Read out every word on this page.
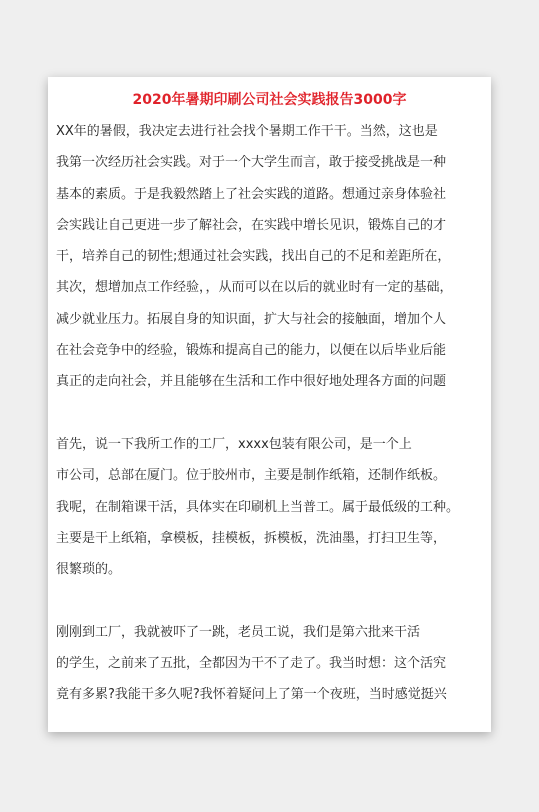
2020年暑期印刷公司社会实践报告3000字
XX年的暑假，我决定去进行社会找个暑期工作干干。当然，这也是
我第一次经历社会实践。对于一个大学生而言，敢于接受挑战是一种
基本的素质。于是我毅然踏上了社会实践的道路。想通过亲身体验社
会实践让自己更进一步了解社会，在实践中增长见识，锻炼自己的才
干，培养自己的韧性;想通过社会实践，找出自己的不足和差距所在，
其次，想增加点工作经验，，从而可以在以后的就业时有一定的基础，
减少就业压力。拓展自身的知识面，扩大与社会的接触面，增加个人
在社会竞争中的经验，锻炼和提高自己的能力，以便在以后毕业后能
真正的走向社会，并且能够在生活和工作中很好地处理各方面的问题
首先，说一下我所工作的工厂，xxxx包装有限公司，是一个上
市公司，总部在厦门。位于胶州市，主要是制作纸箱，还制作纸板。
我呢，在制箱课干活，具体实在印刷机上当普工。属于最低级的工种。
主要是干上纸箱，拿模板，挂模板，拆模板，洗油墨，打扫卫生等，
很繁琐的。
刚刚到工厂，我就被吓了一跳，老员工说，我们是第六批来干活
的学生，之前来了五批，全都因为干不了走了。我当时想：这个活究
竟有多累?我能干多久呢?我怀着疑问上了第一个夜班，当时感觉挺兴
